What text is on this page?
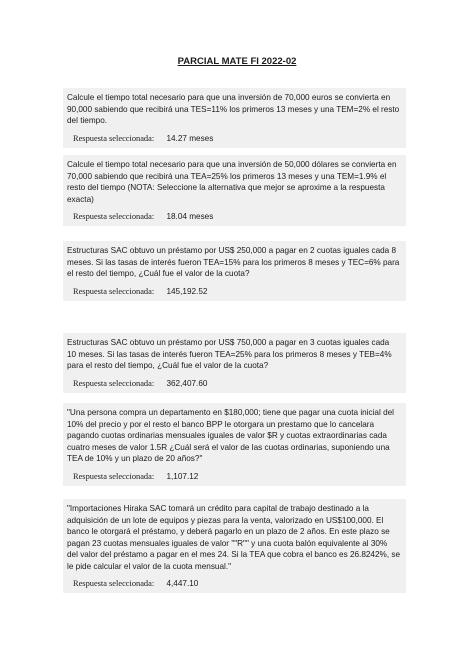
PARCIAL MATE FI 2022-02

Calcule el tiempo total necesario para que una inversión de 70,000 euros se convierta en 90,000 sabiendo que recibirá una TES=11% los primeros 13 meses y una TEM=2% el resto del tiempo.

Respuesta seleccionada: 14.27 meses

Calcule el tiempo total necesario para que una inversión de 50,000 dólares se convierta en 70,000 sabiendo que recibirá una TEA=25% los primeros 13 meses y una TEM=1.9% el resto del tiempo (NOTA: Seleccione la alternativa que mejor se aproxime a la respuesta exacta)

Respuesta seleccionada: 18.04 meses

Estructuras SAC obtuvo un préstamo por US$ 250,000 a pagar en 2 cuotas iguales cada 8 meses. Si las tasas de interés fueron TEA=15% para los primeros 8 meses y TEC=6% para el resto del tiempo, ¿Cuál fue el valor de la cuota?

Respuesta seleccionada: 145,192.52

Estructuras SAC obtuvo un préstamo por US$ 750,000 a pagar en 3 cuotas iguales cada 10 meses. Si las tasas de interés fueron TEA=25% para los primeros 8 meses y TEB=4% para el resto del tiempo, ¿Cuál fue el valor de la cuota?

Respuesta seleccionada: 362,407.60

"Una persona compra un departamento en $180,000; tiene que pagar una cuota inicial del 10% del precio y por el resto el banco BPP le otorgara un prestamo que lo cancelara pagando cuotas ordinarias mensuales iguales de valor $R y cuotas extraordinarias cada cuatro meses de valor 1.5R ¿Cuál será el valor de las cuotas ordinarias, suponiendo una TEA de 10% y un plazo de 20 años?"

Respuesta seleccionada: 1,107.12

"Importaciones Hiraka SAC tomará un crédito para capital de trabajo destinado a la adquisición de un lote de equipos y piezas para la venta, valorizado en US$100,000. El banco le otorgará el préstamo, y deberá pagarlo en un plazo de 2 años. En este plazo se pagan 23 cuotas mensuales iguales de valor ""R"" y una cuota balón equivalente al 30% del valor del préstamo a pagar en el mes 24. Si la TEA que cobra el banco es 26.8242%, se le pide calcular el valor de la cuota mensual."

Respuesta seleccionada: 4,447.10
